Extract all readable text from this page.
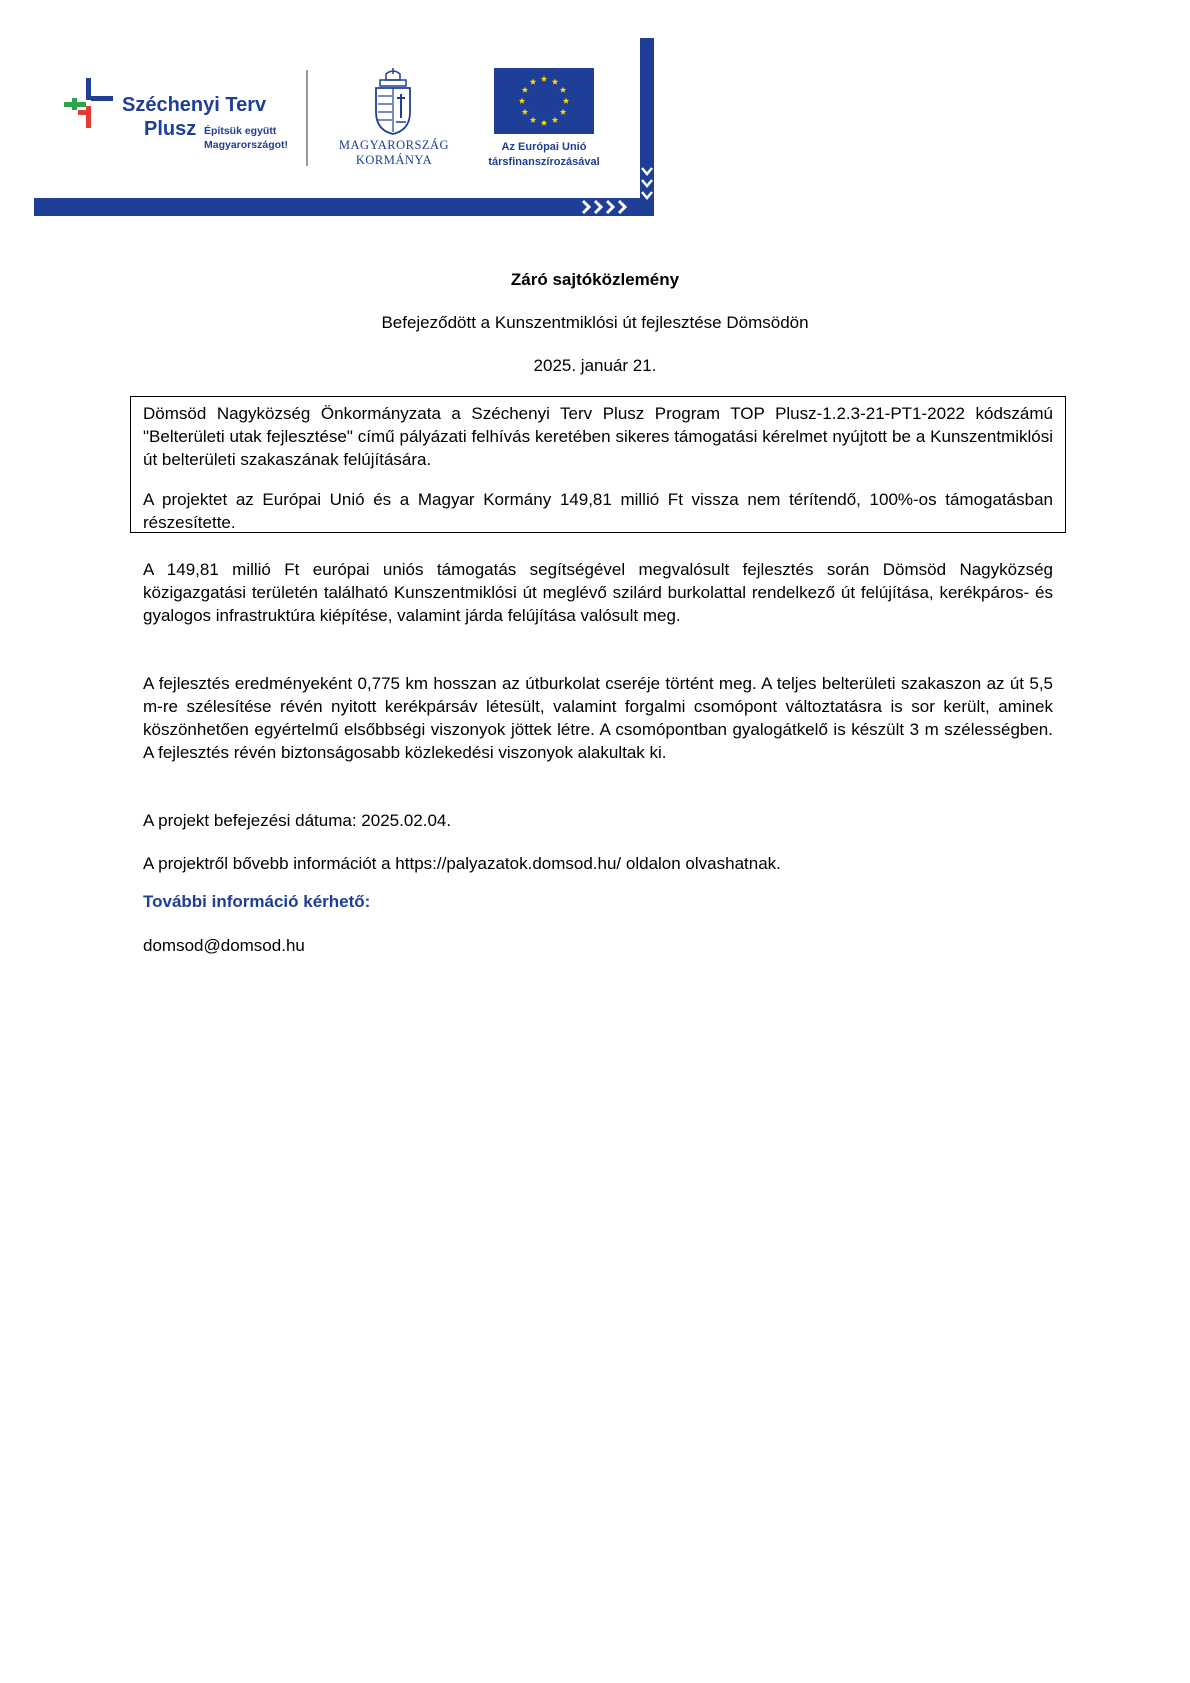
Széchenyi Terv
Plusz Építsük együtt Magyarországot!	MAGYARORSZÁG
KORMÁNYA
Az Európai Unió
társfinanszírozásával
Záró sajtóközlemény
Befejeződött a Kunszentmiklósi út fejlesztése Dömsödön
2025. január 21.

Dömsöd Nagyközség Önkormányzata a Széchenyi Terv Plusz Program TOP Plusz-1.2.3-21-PT1-2022 kódszámú "Belterületi utak fejlesztése" című pályázati felhívás keretében sikeres támogatási kérelmet nyújtott be a Kunszentmiklósi út belterületi szakaszának felújítására.

A projektet az Európai Unió és a Magyar Kormány 149,81 millió Ft vissza nem térítendő, 100%-os támogatásban részesítette.

A 149,81 millió Ft európai uniós támogatás segítségével megvalósult fejlesztés során Dömsöd Nagyközség közigazgatási területén található Kunszentmiklósi út meglévő szilárd burkolattal rendelkező út felújítása, kerékpáros- és gyalogos infrastruktúra kiépítése, valamint járda felújítása valósult meg.

A fejlesztés eredményeként 0,775 km hosszan az útburkolat cseréje történt meg. A teljes belterületi szakaszon az út 5,5 m-re szélesítése révén nyitott kerékpársáv létesült, valamint forgalmi csomópont változtatásra is sor került, aminek köszönhetően egyértelmű elsőbbségi viszonyok jöttek létre. A csomópontban gyalogátkelő is készült 3 m szélességben. A fejlesztés révén biztonságosabb közlekedési viszonyok alakultak ki.

A projekt befejezési dátuma: 2025.02.04.

A projektről bővebb információt a https://palyazatok.domsod.hu/ oldalon olvashatnak.

További információ kérhető:

domsod@domsod.hu
